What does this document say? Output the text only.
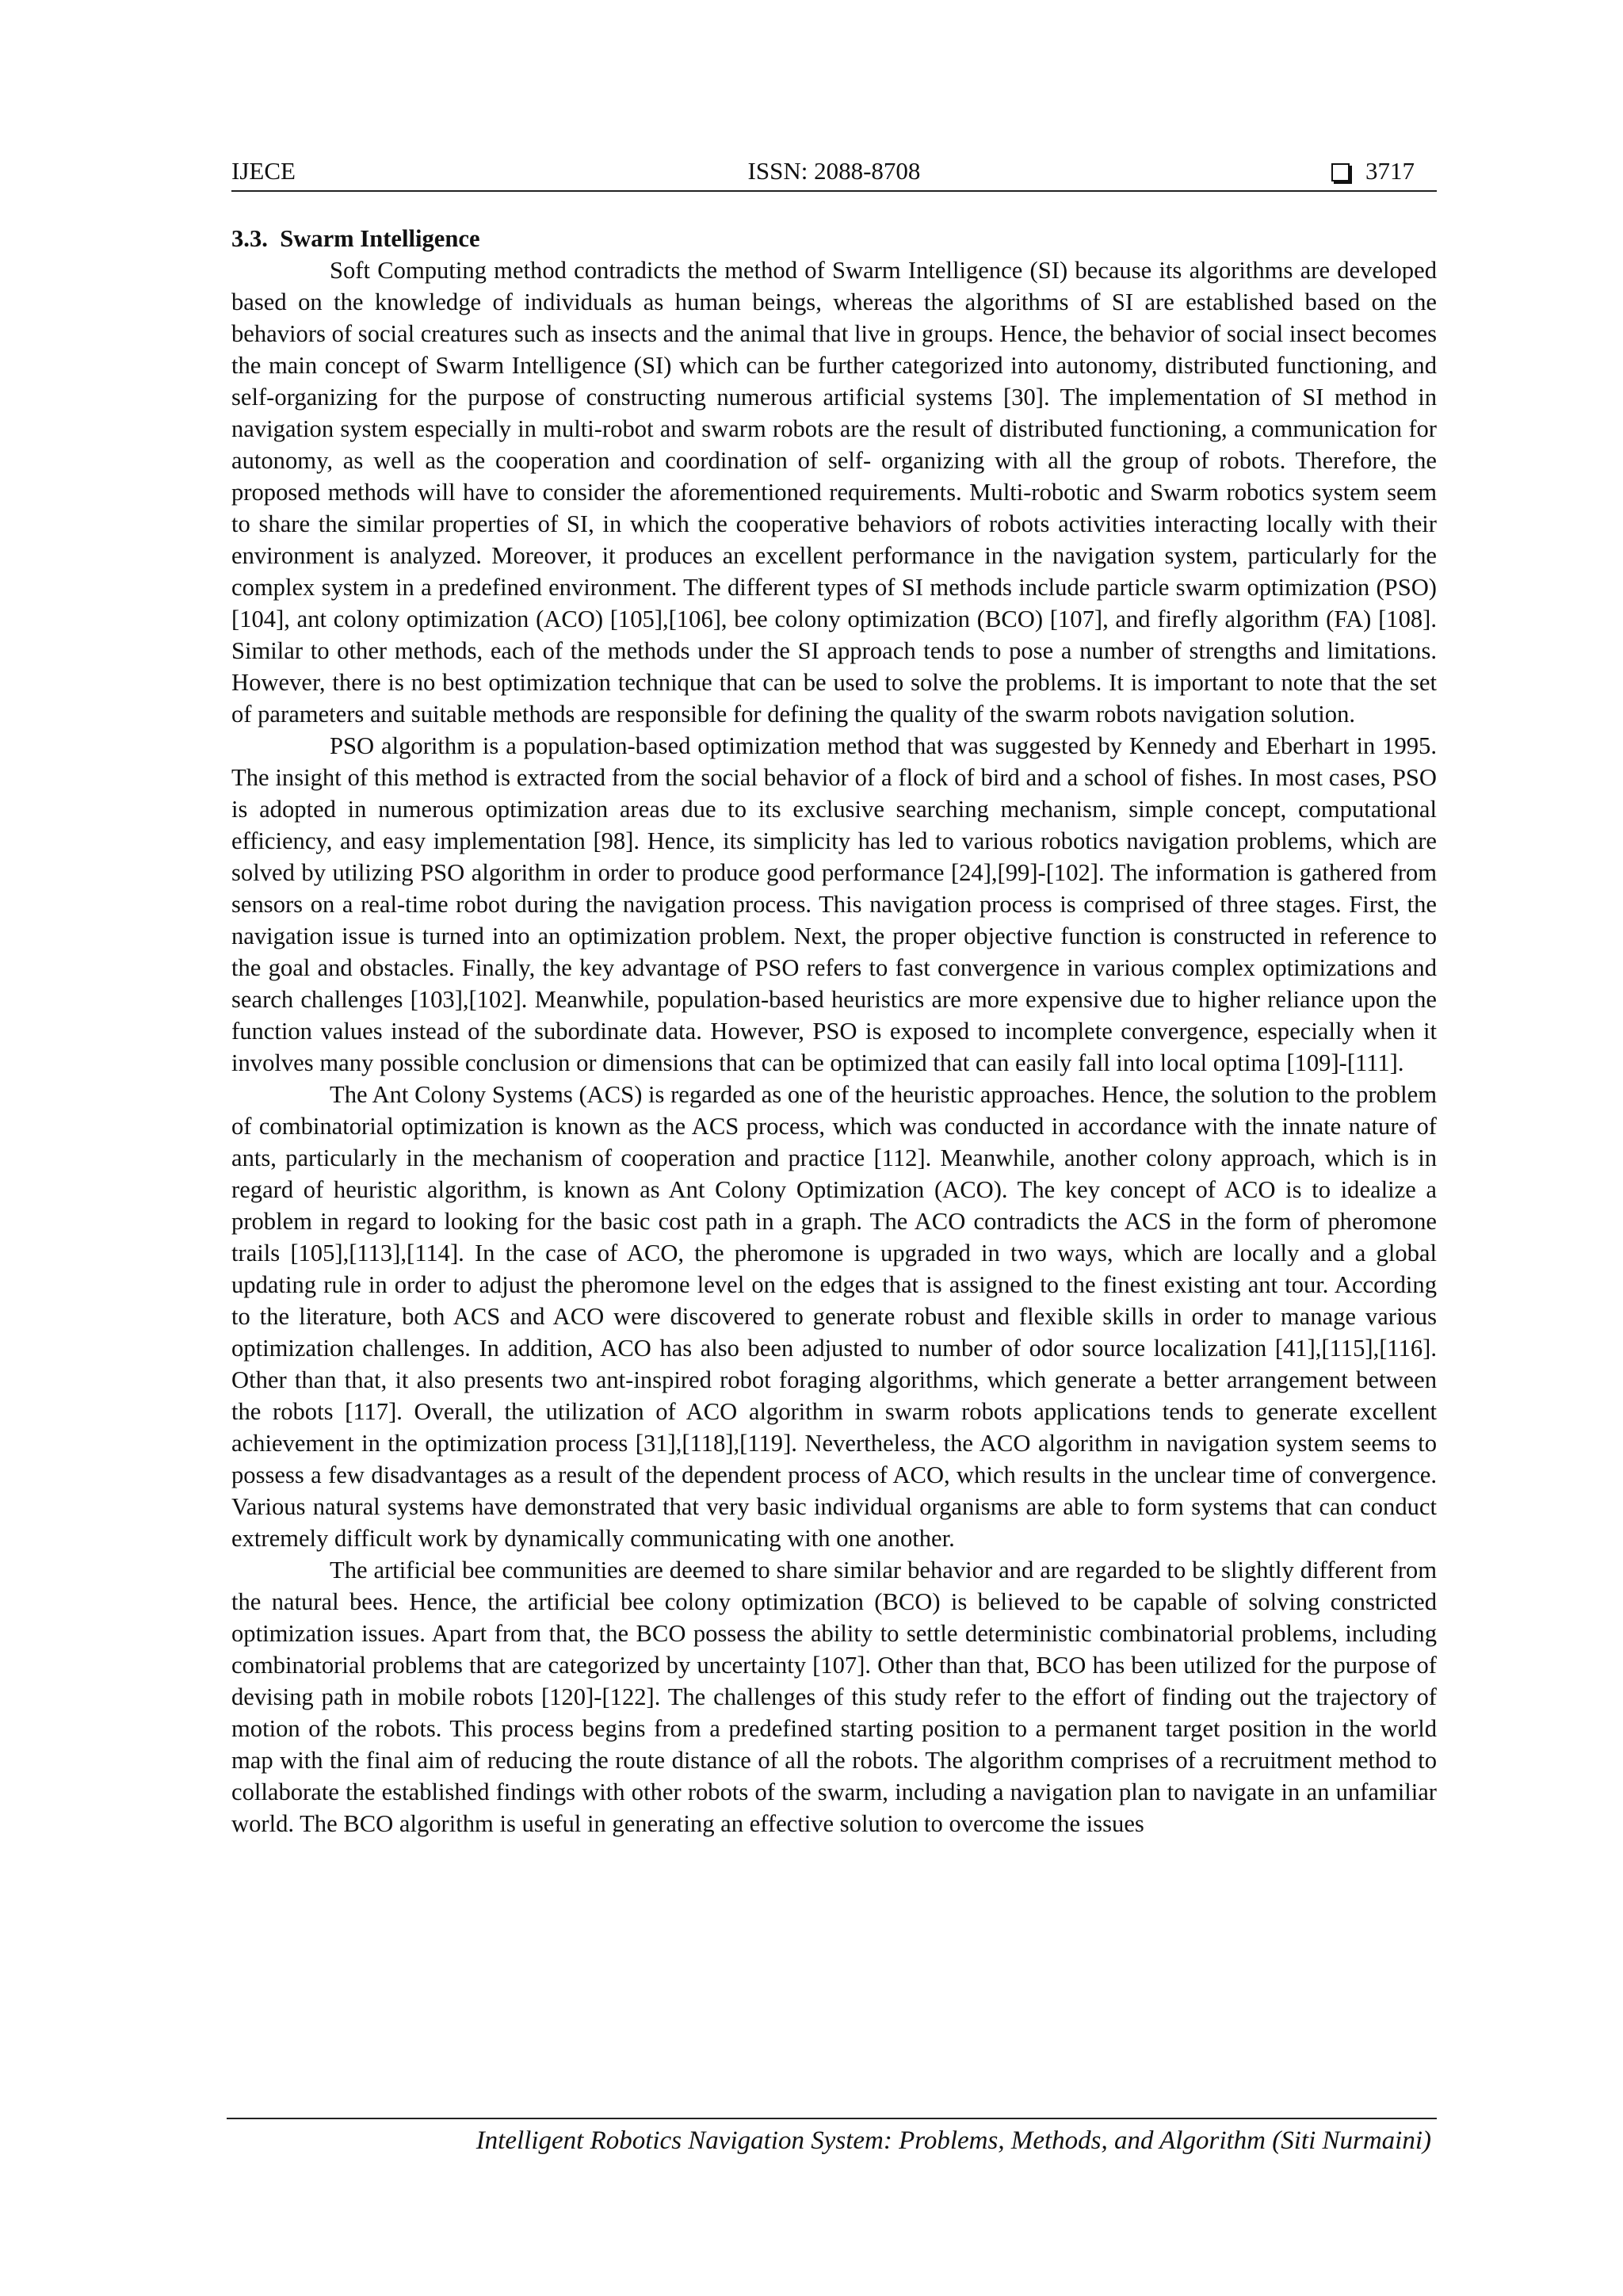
IJECE	ISSN: 2088-8708	3717
3.3. Swarm Intelligence

Soft Computing method contradicts the method of Swarm Intelligence (SI) because its algorithms are developed based on the knowledge of individuals as human beings, whereas the algorithms of SI are established based on the behaviors of social creatures such as insects and the animal that live in groups. Hence, the behavior of social insect becomes the main concept of Swarm Intelligence (SI) which can be further categorized into autonomy, distributed functioning, and self-organizing for the purpose of constructing numerous artificial systems [30]. The implementation of SI method in navigation system especially in multi-robot and swarm robots are the result of distributed functioning, a communication for autonomy, as well as the cooperation and coordination of self- organizing with all the group of robots. Therefore, the proposed methods will have to consider the aforementioned requirements. Multi-robotic and Swarm robotics system seem to share the similar properties of SI, in which the cooperative behaviors of robots activities interacting locally with their environment is analyzed. Moreover, it produces an excellent performance in the navigation system, particularly for the complex system in a predefined environment. The different types of SI methods include particle swarm optimization (PSO) [104], ant colony optimization (ACO) [105],[106], bee colony optimization (BCO) [107], and firefly algorithm (FA) [108]. Similar to other methods, each of the methods under the SI approach tends to pose a number of strengths and limitations. However, there is no best optimization technique that can be used to solve the problems. It is important to note that the set of parameters and suitable methods are responsible for defining the quality of the swarm robots navigation solution.

PSO algorithm is a population-based optimization method that was suggested by Kennedy and Eberhart in 1995. The insight of this method is extracted from the social behavior of a flock of bird and a school of fishes. In most cases, PSO is adopted in numerous optimization areas due to its exclusive searching mechanism, simple concept, computational efficiency, and easy implementation [98]. Hence, its simplicity has led to various robotics navigation problems, which are solved by utilizing PSO algorithm in order to produce good performance [24],[99]-[102]. The information is gathered from sensors on a real-time robot during the navigation process. This navigation process is comprised of three stages. First, the navigation issue is turned into an optimization problem. Next, the proper objective function is constructed in reference to the goal and obstacles. Finally, the key advantage of PSO refers to fast convergence in various complex optimizations and search challenges [103],[102]. Meanwhile, population-based heuristics are more expensive due to higher reliance upon the function values instead of the subordinate data. However, PSO is exposed to incomplete convergence, especially when it involves many possible conclusion or dimensions that can be optimized that can easily fall into local optima [109]-[111].

The Ant Colony Systems (ACS) is regarded as one of the heuristic approaches. Hence, the solution to the problem of combinatorial optimization is known as the ACS process, which was conducted in accordance with the innate nature of ants, particularly in the mechanism of cooperation and practice [112]. Meanwhile, another colony approach, which is in regard of heuristic algorithm, is known as Ant Colony Optimization (ACO). The key concept of ACO is to idealize a problem in regard to looking for the basic cost path in a graph. The ACO contradicts the ACS in the form of pheromone trails [105],[113],[114]. In the case of ACO, the pheromone is upgraded in two ways, which are locally and a global updating rule in order to adjust the pheromone level on the edges that is assigned to the finest existing ant tour. According to the literature, both ACS and ACO were discovered to generate robust and flexible skills in order to manage various optimization challenges. In addition, ACO has also been adjusted to number of odor source localization [41],[115],[116]. Other than that, it also presents two ant-inspired robot foraging algorithms, which generate a better arrangement between the robots [117]. Overall, the utilization of ACO algorithm in swarm robots applications tends to generate excellent achievement in the optimization process [31],[118],[119]. Nevertheless, the ACO algorithm in navigation system seems to possess a few disadvantages as a result of the dependent process of ACO, which results in the unclear time of convergence. Various natural systems have demonstrated that very basic individual organisms are able to form systems that can conduct extremely difficult work by dynamically communicating with one another.

The artificial bee communities are deemed to share similar behavior and are regarded to be slightly different from the natural bees. Hence, the artificial bee colony optimization (BCO) is believed to be capable of solving constricted optimization issues. Apart from that, the BCO possess the ability to settle deterministic combinatorial problems, including combinatorial problems that are categorized by uncertainty [107]. Other than that, BCO has been utilized for the purpose of devising path in mobile robots [120]-[122]. The challenges of this study refer to the effort of finding out the trajectory of motion of the robots. This process begins from a predefined starting position to a permanent target position in the world map with the final aim of reducing the route distance of all the robots. The algorithm comprises of a recruitment method to collaborate the established findings with other robots of the swarm, including a navigation plan to navigate in an unfamiliar world. The BCO algorithm is useful in generating an effective solution to overcome the issues

Intelligent Robotics Navigation System: Problems, Methods, and Algorithm (Siti Nurmaini)
